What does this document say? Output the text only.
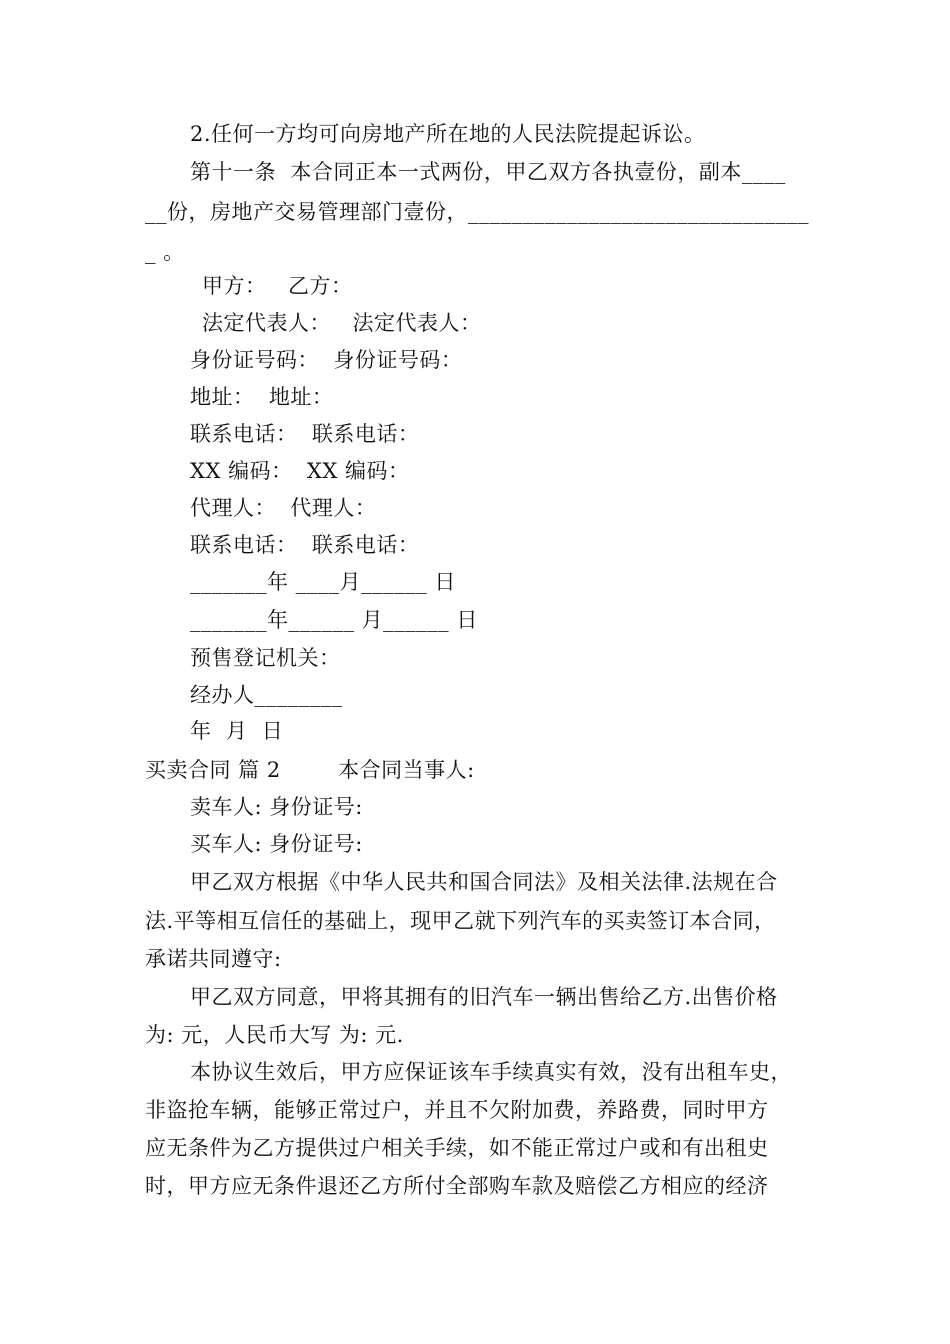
2.任何一方均可向房地产所在地的人民法院提起诉讼。
第十一条  本合同正本一式两份，甲乙双方各执壹份，副本____
__份，房地产交易管理部门壹份，_______________________________
_ 。
甲方：   乙方：
法定代表人：   法定代表人：
身份证号码：  身份证号码：
地址：  地址：
联系电话：  联系电话：
XX 编码：  XX 编码：
代理人：  代理人：
联系电话：  联系电话：
_______年 ____月______ 日
_______年______ 月______ 日
预售登记机关：
经办人________
年  月  日
买卖合同 篇 2        本合同当事人:
卖车人: 身份证号:
买车人: 身份证号:
甲乙双方根据《中华人民共和国合同法》及相关法律.法规在合
法.平等相互信任的基础上，现甲乙就下列汽车的买卖签订本合同，
承诺共同遵守:
甲乙双方同意，甲将其拥有的旧汽车一辆出售给乙方.出售价格
为: 元，人民币大写 为: 元.
本协议生效后，甲方应保证该车手续真实有效，没有出租车史，
非盗抢车辆，能够正常过户，并且不欠附加费，养路费，同时甲方
应无条件为乙方提供过户相关手续，如不能正常过户或和有出租史
时，甲方应无条件退还乙方所付全部购车款及赔偿乙方相应的经济
